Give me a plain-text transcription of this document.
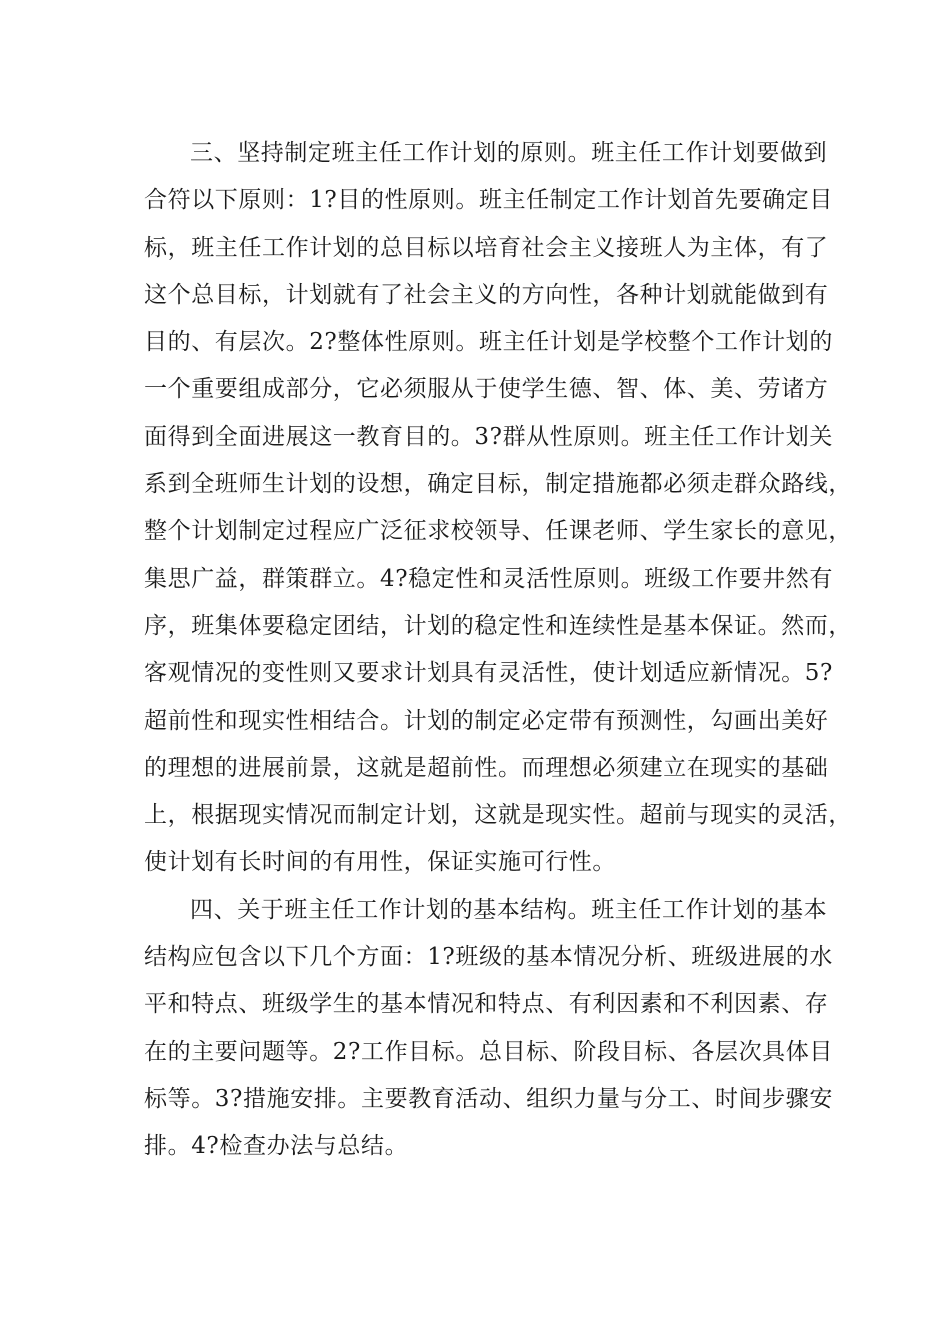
三、坚持制定班主任工作计划的原则。班主任工作计划要做到
合符以下原则：1?目的性原则。班主任制定工作计划首先要确定目
标，班主任工作计划的总目标以培育社会主义接班人为主体，有了
这个总目标，计划就有了社会主义的方向性，各种计划就能做到有
目的、有层次。2?整体性原则。班主任计划是学校整个工作计划的
一个重要组成部分，它必须服从于使学生德、智、体、美、劳诸方
面得到全面进展这一教育目的。3?群从性原则。班主任工作计划关
系到全班师生计划的设想，确定目标，制定措施都必须走群众路线，
整个计划制定过程应广泛征求校领导、任课老师、学生家长的意见，
集思广益，群策群立。4?稳定性和灵活性原则。班级工作要井然有
序，班集体要稳定团结，计划的稳定性和连续性是基本保证。然而，
客观情况的变性则又要求计划具有灵活性，使计划适应新情况。5?
超前性和现实性相结合。计划的制定必定带有预测性，勾画出美好
的理想的进展前景，这就是超前性。而理想必须建立在现实的基础
上，根据现实情况而制定计划，这就是现实性。超前与现实的灵活，
使计划有长时间的有用性，保证实施可行性。
四、关于班主任工作计划的基本结构。班主任工作计划的基本
结构应包含以下几个方面：1?班级的基本情况分析、班级进展的水
平和特点、班级学生的基本情况和特点、有利因素和不利因素、存
在的主要问题等。2?工作目标。总目标、阶段目标、各层次具体目
标等。3?措施安排。主要教育活动、组织力量与分工、时间步骤安
排。4?检查办法与总结。
